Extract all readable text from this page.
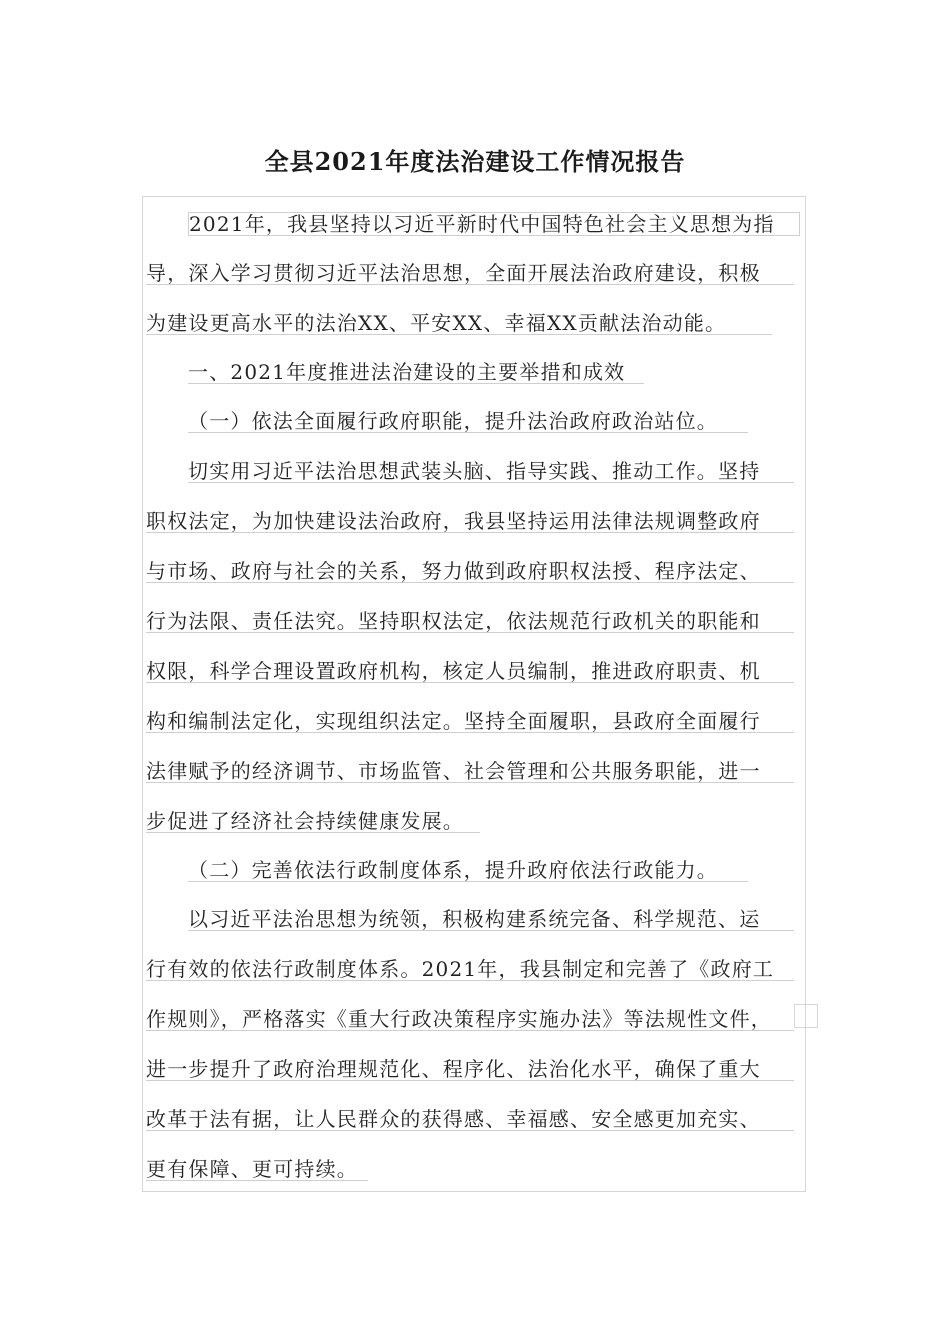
全县2021年度法治建设工作情况报告
2021年，我县坚持以习近平新时代中国特色社会主义思想为指
导，深入学习贯彻习近平法治思想，全面开展法治政府建设，积极
为建设更高水平的法治XX、平安XX、幸福XX贡献法治动能。
一、2021年度推进法治建设的主要举措和成效
（一）依法全面履行政府职能，提升法治政府政治站位。
切实用习近平法治思想武装头脑、指导实践、推动工作。坚持
职权法定，为加快建设法治政府，我县坚持运用法律法规调整政府
与市场、政府与社会的关系，努力做到政府职权法授、程序法定、
行为法限、责任法究。坚持职权法定，依法规范行政机关的职能和
权限，科学合理设置政府机构，核定人员编制，推进政府职责、机
构和编制法定化，实现组织法定。坚持全面履职，县政府全面履行
法律赋予的经济调节、市场监管、社会管理和公共服务职能，进一
步促进了经济社会持续健康发展。
（二）完善依法行政制度体系，提升政府依法行政能力。
以习近平法治思想为统领，积极构建系统完备、科学规范、运
行有效的依法行政制度体系。2021年，我县制定和完善了《政府工
作规则》，严格落实《重大行政决策程序实施办法》等法规性文件，
进一步提升了政府治理规范化、程序化、法治化水平，确保了重大
改革于法有据，让人民群众的获得感、幸福感、安全感更加充实、
更有保障、更可持续。
